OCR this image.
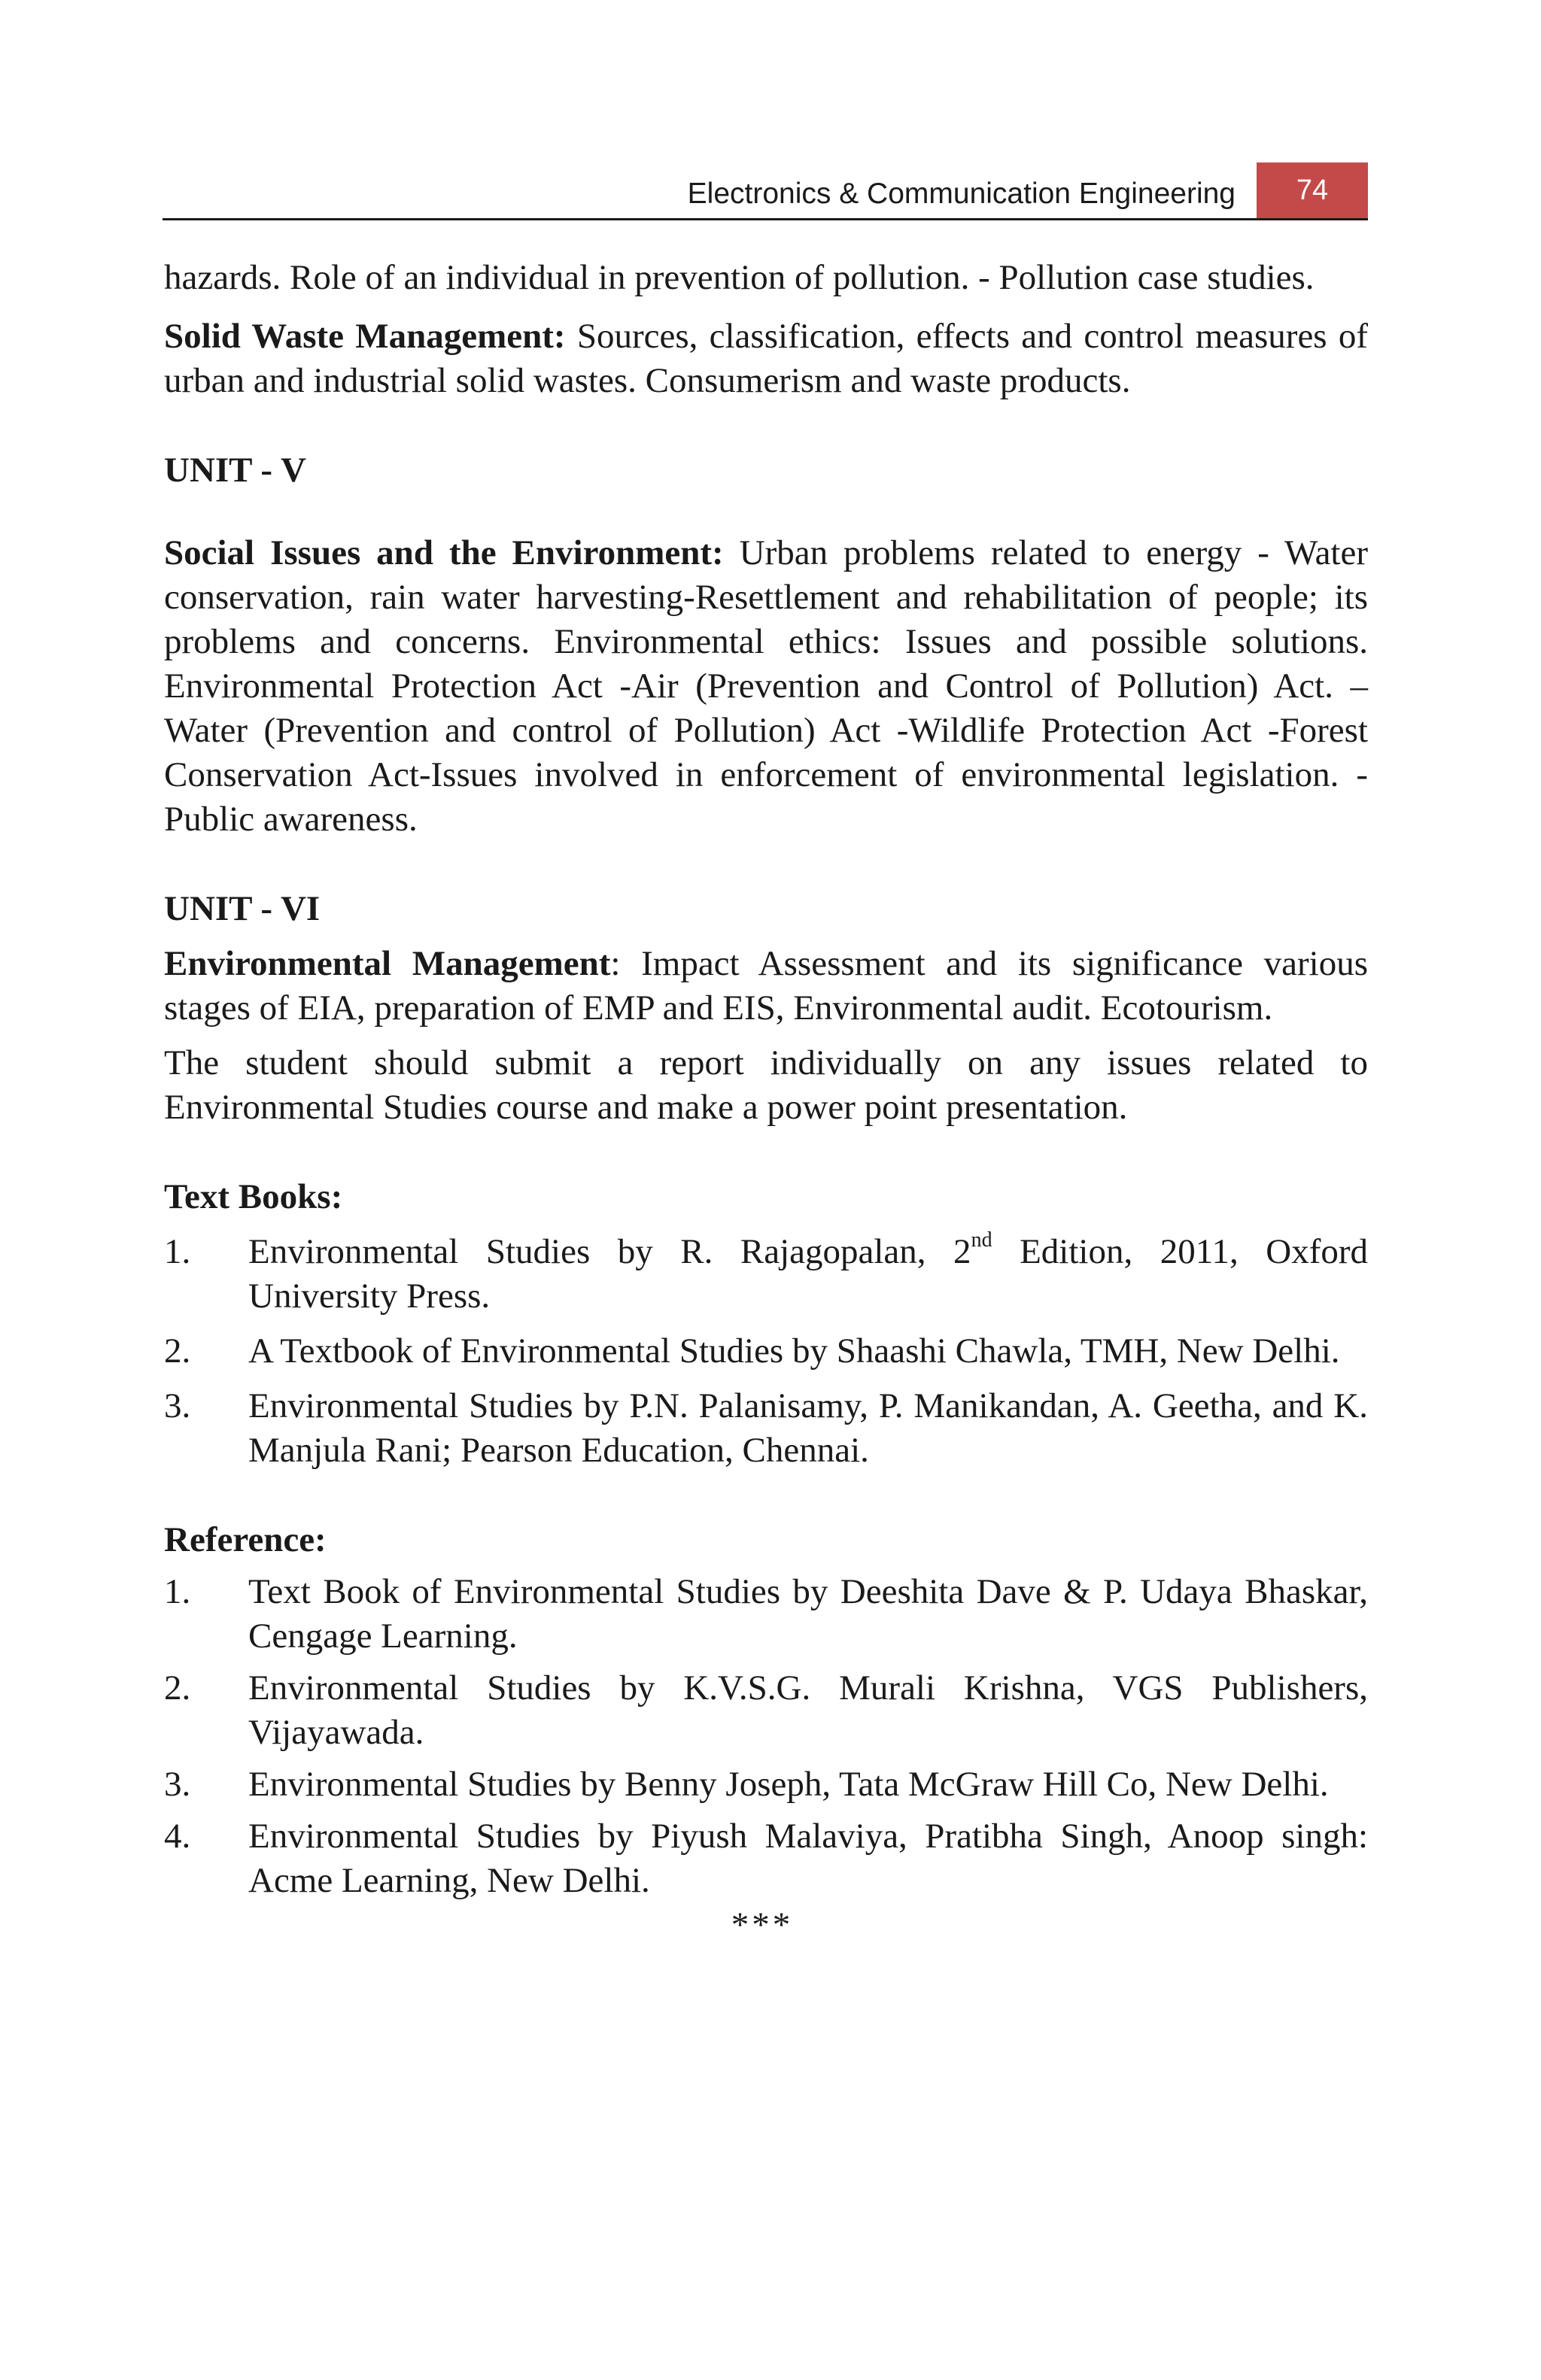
Electronics & Communication Engineering	74

hazards. Role of an individual in prevention of pollution. - Pollution case studies.

Solid Waste Management: Sources, classification, effects and control measures of urban and industrial solid wastes. Consumerism and waste products.

UNIT - V

Social Issues and the Environment: Urban problems related to energy - Water conservation, rain water harvesting-Resettlement and rehabilitation of people; its problems and concerns. Environmental ethics: Issues and possible solutions. Environmental Protection Act -Air (Prevention and Control of Pollution) Act. –Water (Prevention and control of Pollution) Act -Wildlife Protection Act -Forest Conservation Act-Issues involved in enforcement of environmental legislation. -Public awareness.

UNIT - VI

Environmental Management: Impact Assessment and its significance various stages of EIA, preparation of EMP and EIS, Environmental audit. Ecotourism.

The student should submit a report individually on any issues related to Environmental Studies course and make a power point presentation.

Text Books:

1. Environmental Studies by R. Rajagopalan, 2nd Edition, 2011, Oxford University Press.
2. A Textbook of Environmental Studies by Shaashi Chawla, TMH, New Delhi.
3. Environmental Studies by P.N. Palanisamy, P. Manikandan, A. Geetha, and K. Manjula Rani; Pearson Education, Chennai.

Reference:

1. Text Book of Environmental Studies by Deeshita Dave & P. Udaya Bhaskar, Cengage Learning.
2. Environmental Studies by K.V.S.G. Murali Krishna, VGS Publishers, Vijayawada.
3. Environmental Studies by Benny Joseph, Tata McGraw Hill Co, New Delhi.
4. Environmental Studies by Piyush Malaviya, Pratibha Singh, Anoop singh: Acme Learning, New Delhi.

***
